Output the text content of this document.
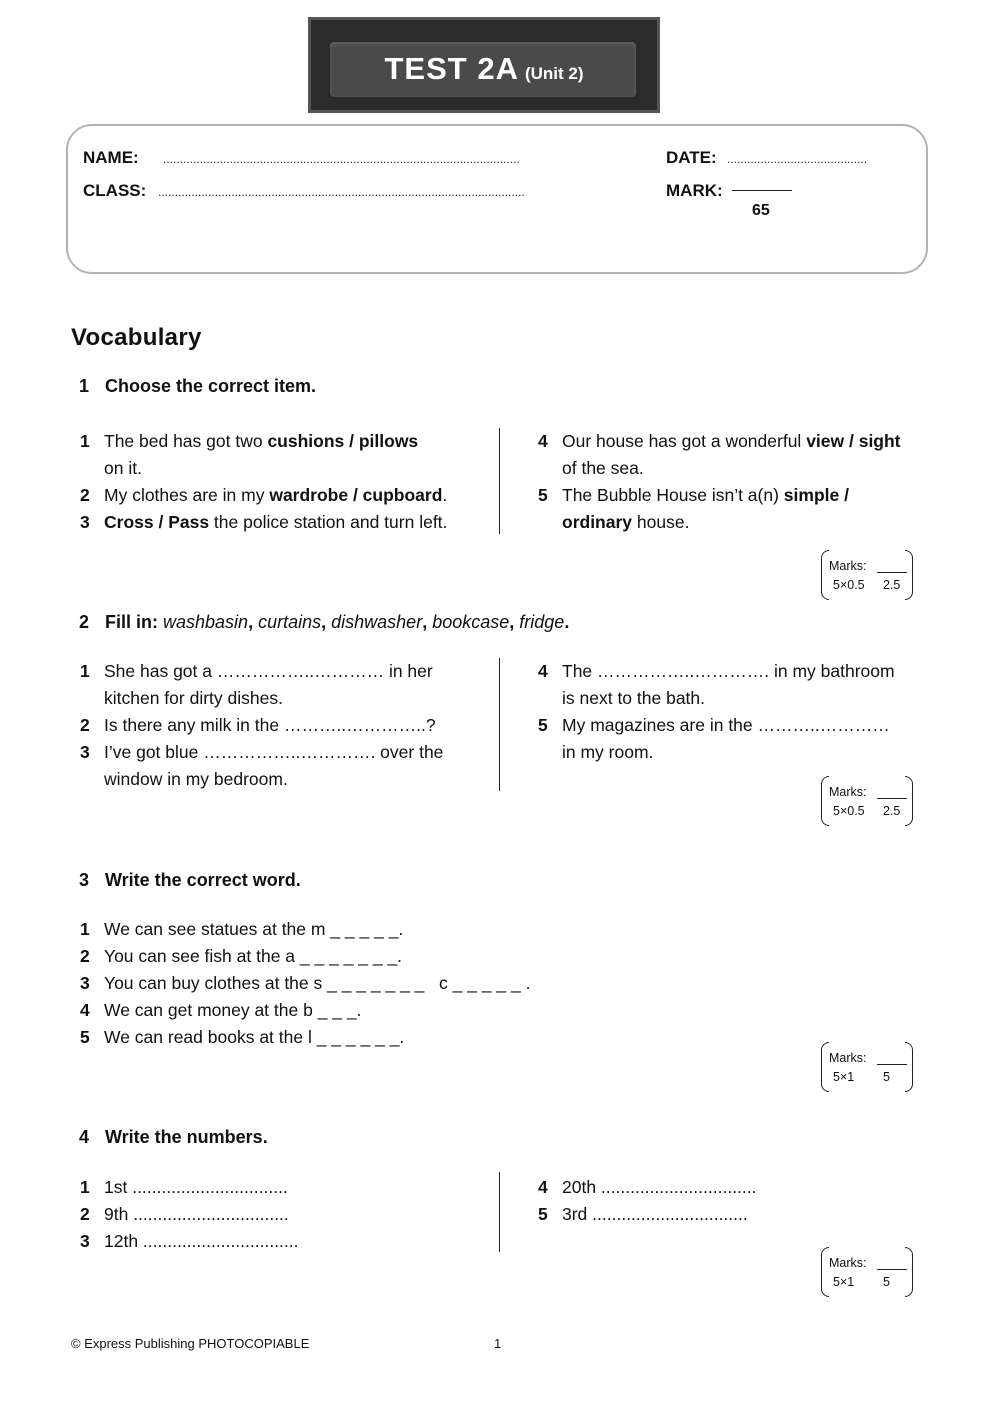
TEST 2A (Unit 2)
NAME: ...........................................................................................................
CLASS: ..............................................................................................................
DATE: ..........................................
MARK:
65
Vocabulary
1 Choose the correct item.
1 The bed has got two cushions / pillows
on it.
2 My clothes are in my wardrobe / cupboard.
3 Cross / Pass the police station and turn left.
4 Our house has got a wonderful view / sight
of the sea.
5 The Bubble House isn’t a(n) simple /
ordinary house.
Marks:
5×0.5 2.5
2 Fill in: washbasin, curtains, dishwasher, bookcase, fridge.
1 She has got a ……………..………… in her
kitchen for dirty dishes.
2 Is there any milk in the ………..…………..?
3 I’ve got blue ……………..…………. over the
window in my bedroom.
4 The ……………..…………. in my bathroom
is next to the bath.
5 My magazines are in the ………..…………
in my room.
Marks:
5×0.5 2.5
3 Write the correct word.
1 We can see statues at the m _ _ _ _ _.
2 You can see fish at the a _ _ _ _ _ _ _.
3 You can buy clothes at the s _ _ _ _ _ _ _   c _ _ _ _ _ .
4 We can get money at the b _ _ _.
5 We can read books at the l _ _ _ _ _ _.
Marks:
5×1 5
4 Write the numbers.
1 1st ................................
2 9th ................................
3 12th ................................
4 20th ................................
5 3rd ................................
Marks:
5×1 5
© Express Publishing PHOTOCOPIABLE	1
